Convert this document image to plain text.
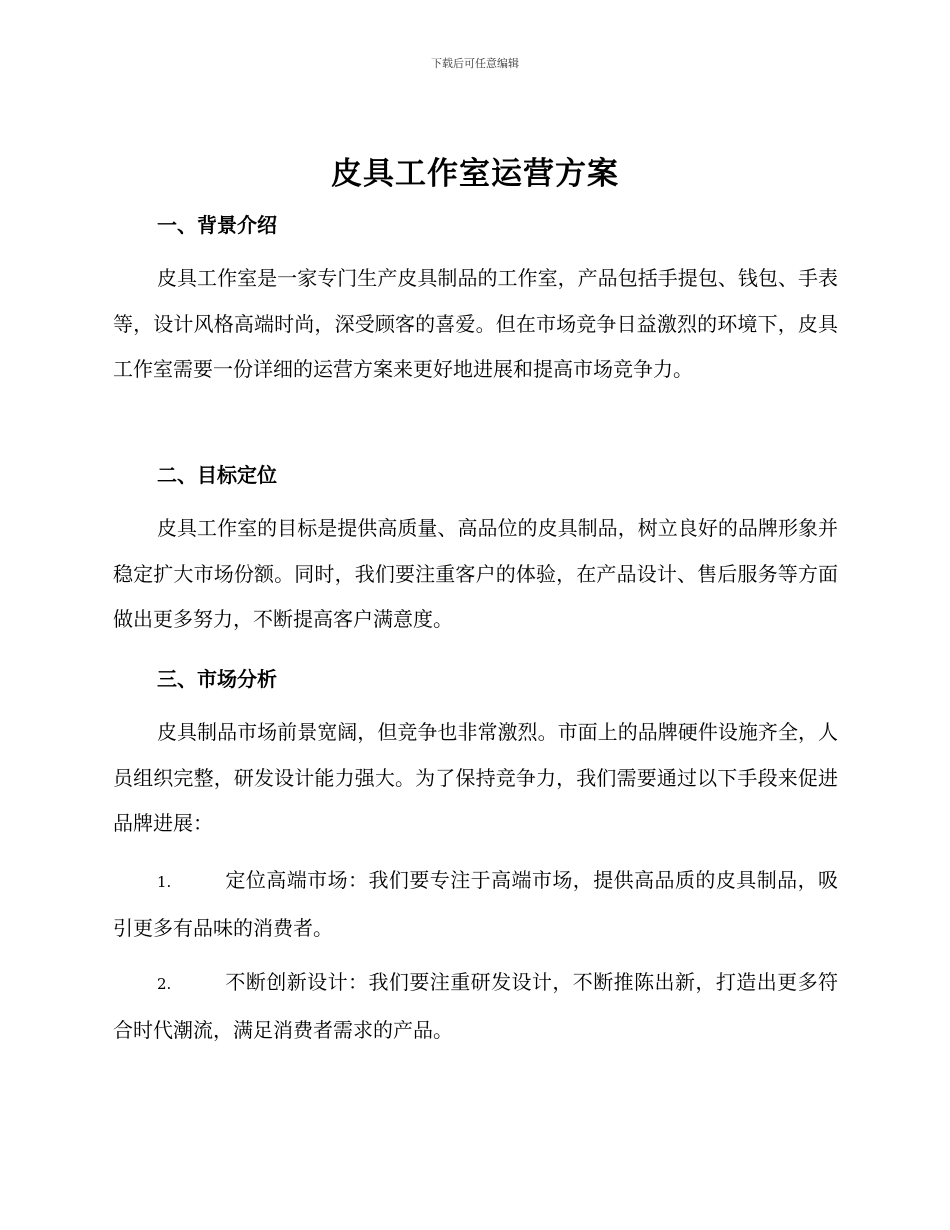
下载后可任意编辑
皮具工作室运营方案
一、背景介绍

皮具工作室是一家专门生产皮具制品的工作室，产品包括手提包、钱包、手表等，设计风格高端时尚，深受顾客的喜爱。但在市场竞争日益激烈的环境下，皮具工作室需要一份详细的运营方案来更好地进展和提高市场竞争力。

二、目标定位

皮具工作室的目标是提供高质量、高品位的皮具制品，树立良好的品牌形象并稳定扩大市场份额。同时，我们要注重客户的体验，在产品设计、售后服务等方面做出更多努力，不断提高客户满意度。

三、市场分析

皮具制品市场前景宽阔，但竞争也非常激烈。市面上的品牌硬件设施齐全，人员组织完整，研发设计能力强大。为了保持竞争力，我们需要通过以下手段来促进品牌进展：

1.	定位高端市场：我们要专注于高端市场，提供高品质的皮具制品，吸引更多有品味的消费者。

2.	不断创新设计：我们要注重研发设计，不断推陈出新，打造出更多符合时代潮流，满足消费者需求的产品。
